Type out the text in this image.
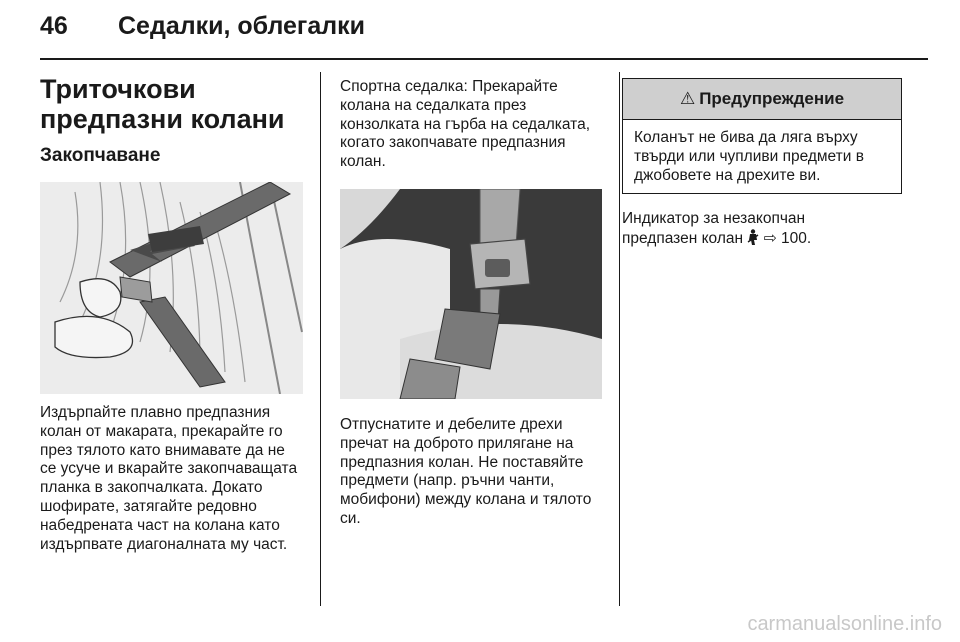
46 Седалки, облегалки
Триточкови предпазни колани
Закопчаване

Издърпайте плавно предпазния колан от макарата, прекарайте го през тялото като внимавате да не се усуче и вкарайте закопчаващата планка в закопчалката. Докато шофирате, затягайте редовно набедрената част на колана като издърпвате диагоналната му част.

Спортна седалка: Прекарайте колана на седалката през конзолката на гърба на седалката, когато закопчавате предпазния колан.

Отпуснатите и дебелите дрехи пречат на доброто прилягане на предпазния колан. Не поставяйте предмети (напр. ръчни чанти, мобифони) между колана и тялото си.

⚠ Предупреждение
Коланът не бива да ляга върху твърди или чупливи предмети в джобовете на дрехите ви.
Индикатор за незакопчан
предпазен колан ⇨ 100.
carmanualsonline.info
